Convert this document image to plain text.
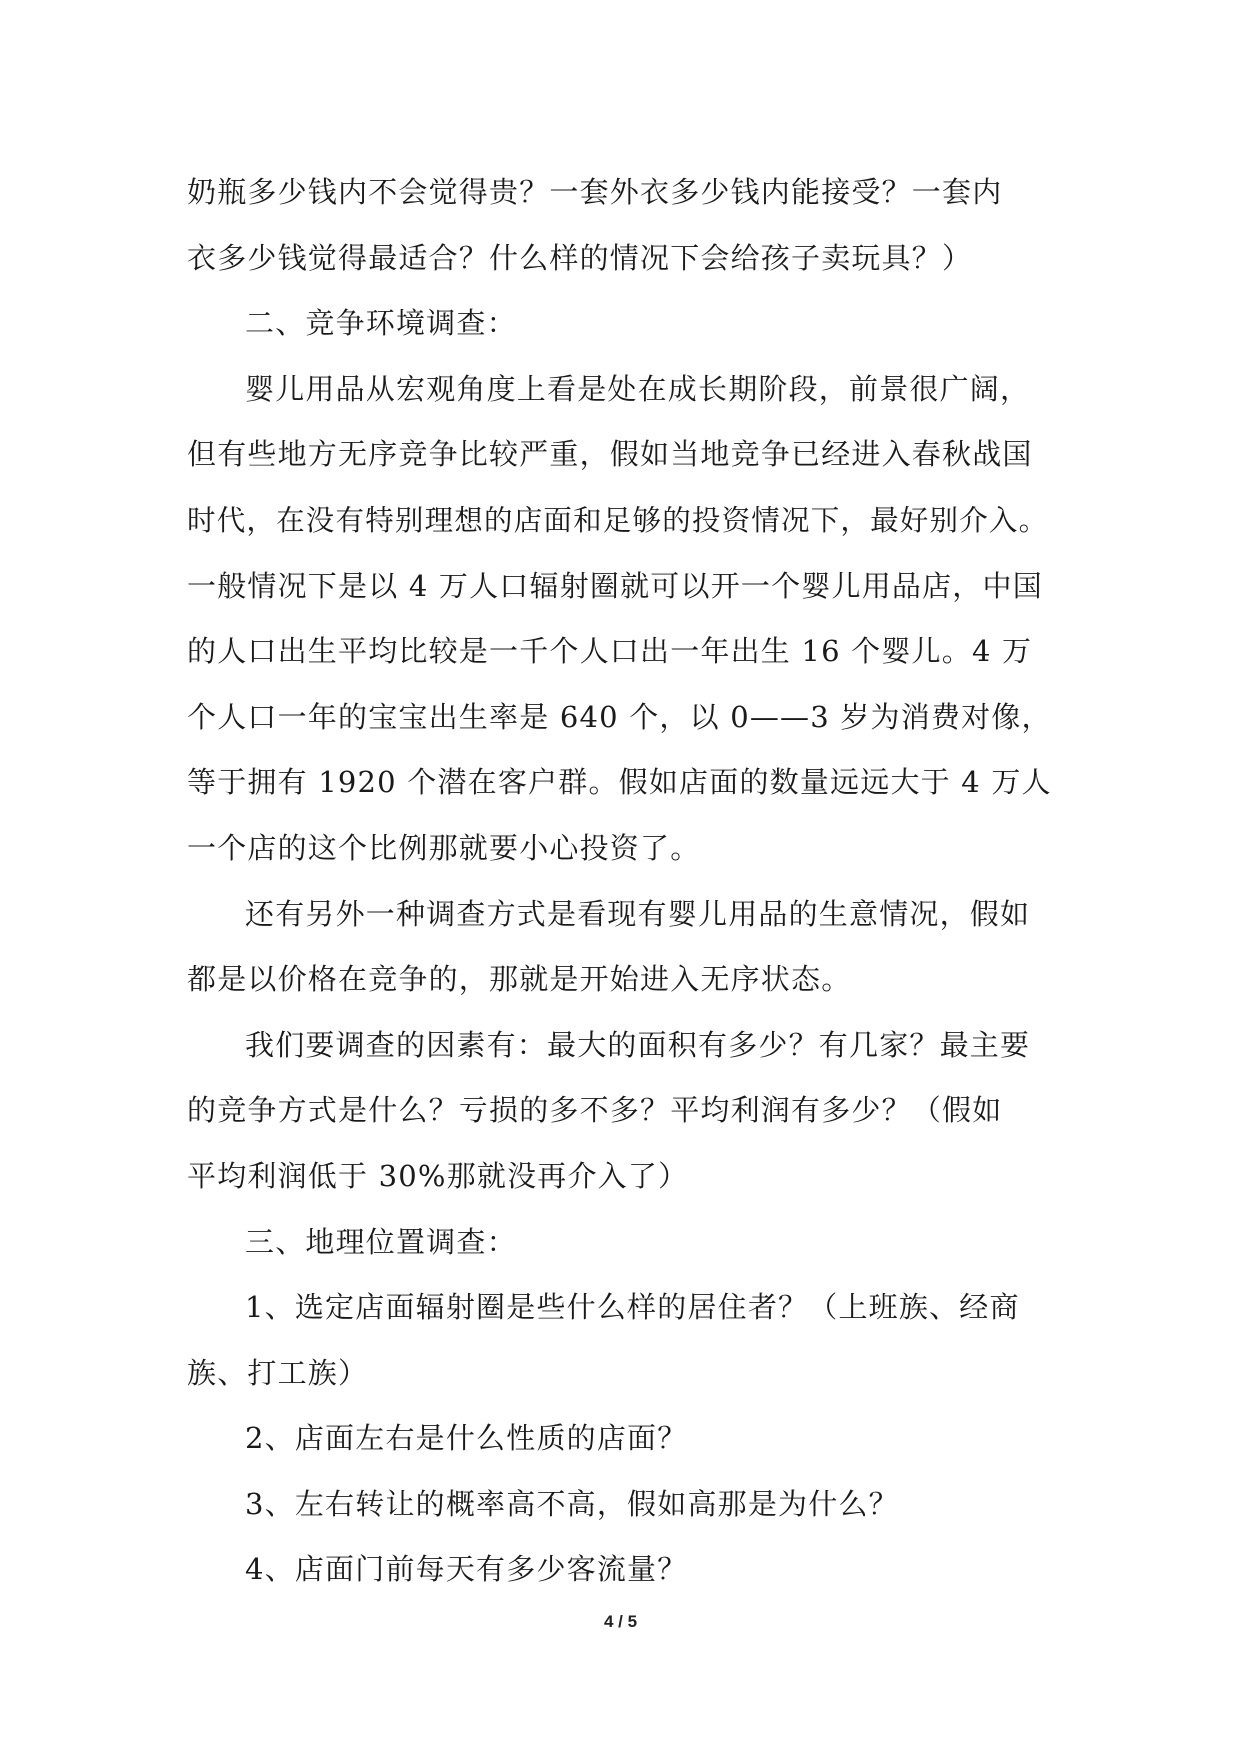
奶瓶多少钱内不会觉得贵？一套外衣多少钱内能接受？一套内
衣多少钱觉得最适合？什么样的情况下会给孩子卖玩具？）
二、竞争环境调查：
婴儿用品从宏观角度上看是处在成长期阶段，前景很广阔，
但有些地方无序竞争比较严重，假如当地竞争已经进入春秋战国
时代，在没有特别理想的店面和足够的投资情况下，最好别介入。
一般情况下是以 4 万人口辐射圈就可以开一个婴儿用品店，中国
的人口出生平均比较是一千个人口出一年出生 16 个婴儿。4 万
个人口一年的宝宝出生率是 640 个，以 0——3 岁为消费对像，
等于拥有 1920 个潜在客户群。假如店面的数量远远大于 4 万人
一个店的这个比例那就要小心投资了。
还有另外一种调查方式是看现有婴儿用品的生意情况，假如
都是以价格在竞争的，那就是开始进入无序状态。
我们要调查的因素有：最大的面积有多少？有几家？最主要
的竞争方式是什么？亏损的多不多？平均利润有多少？（假如
平均利润低于 30%那就没再介入了）
三、地理位置调查：
1、选定店面辐射圈是些什么样的居住者？（上班族、经商
族、打工族）
2、店面左右是什么性质的店面？
3、左右转让的概率高不高，假如高那是为什么？
4、店面门前每天有多少客流量？
4 / 5
